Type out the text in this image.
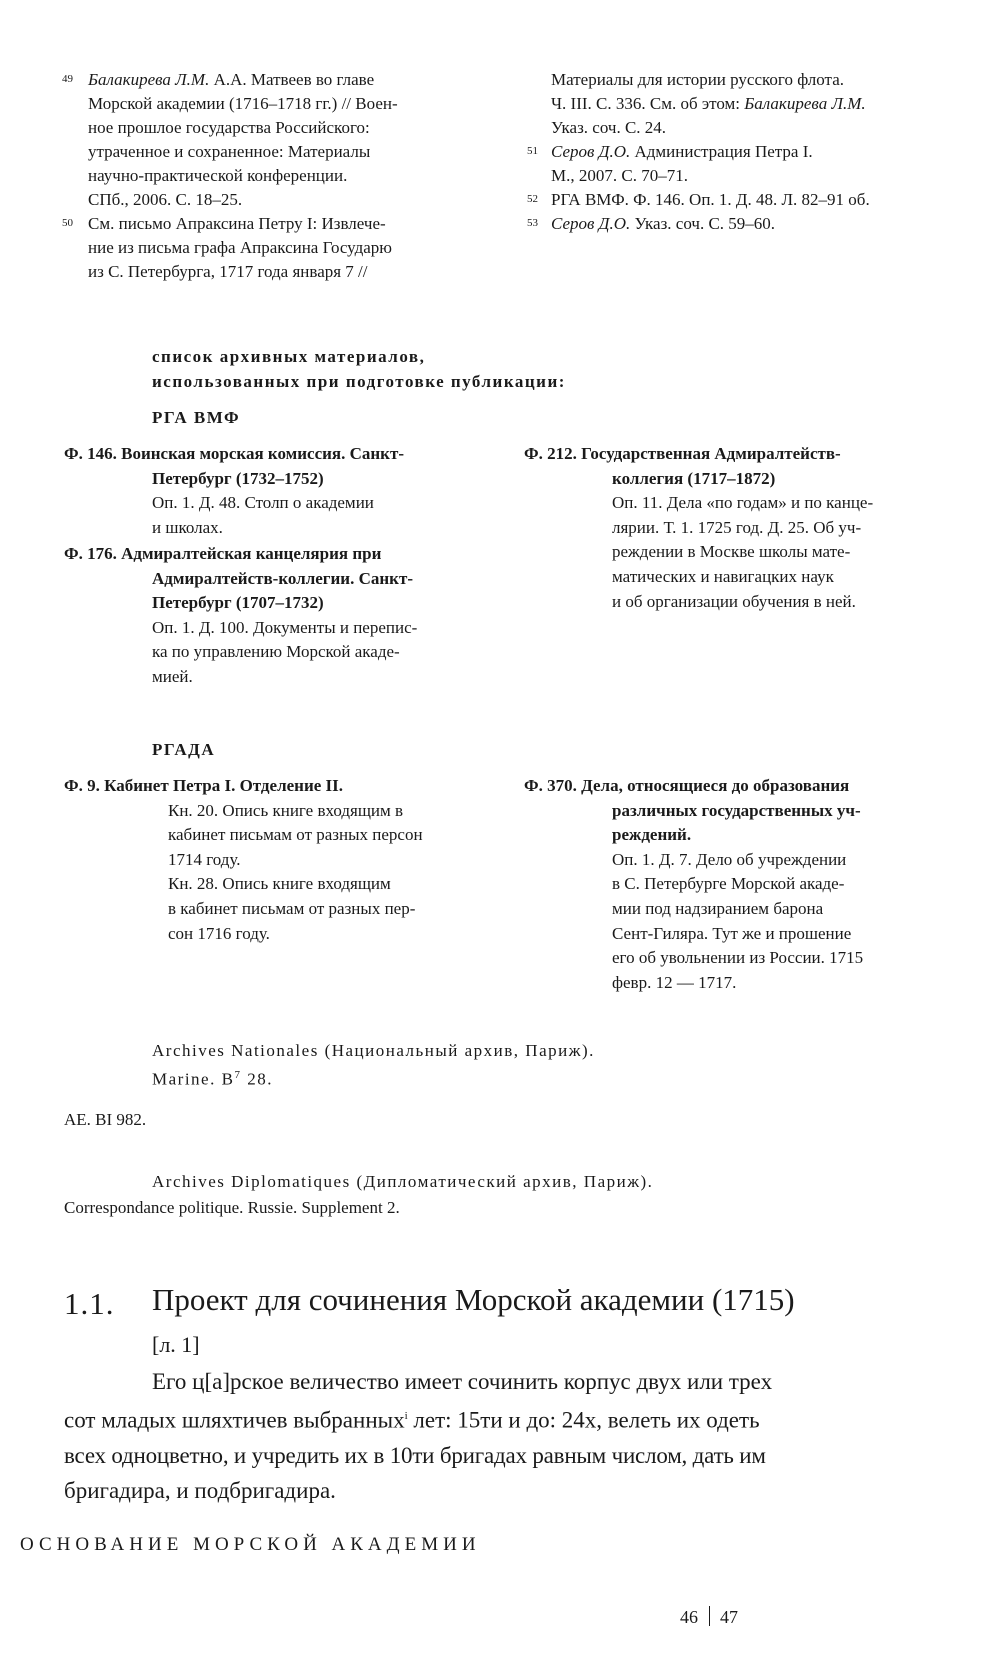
49 Балакирева Л.М. А.А. Матвеев во главе
Морской академии (1716–1718 гг.) // Воен-
ное прошлое государства Российского:
утраченное и сохраненное: Материалы
научно-практической конференции.
СПб., 2006. С. 18–25.
50 См. письмо Апраксина Петру I: Извлече-
ние из письма графа Апраксина Государю
из С. Петербурга, 1717 года января 7 //
Материалы для истории русского флота.
Ч. III. С. 336. См. об этом: Балакирева Л.М.
Указ. соч. С. 24.
51 Серов Д.О. Администрация Петра I.
М., 2007. С. 70–71.
52 РГА ВМФ. Ф. 146. Оп. 1. Д. 48. Л. 82–91 об.
53 Серов Д.О. Указ. соч. С. 59–60.
список архивных материалов,
использованных при подготовке публикации:
РГА ВМФ
Ф. 146. Воинская морская комиссия. Санкт-
Петербург (1732–1752)
Оп. 1. Д. 48. Столп о академии
и школах.
Ф. 176. Адмиралтейская канцелярия при
Адмиралтейств-коллегии. Санкт-
Петербург (1707–1732)
Оп. 1. Д. 100. Документы и перепис-
ка по управлению Морской акаде-
мией.
Ф. 212. Государственная Адмиралтейств-
коллегия (1717–1872)
Оп. 11. Дела «по годам» и по канце-
лярии. Т. 1. 1725 год. Д. 25. Об уч-
реждении в Москве школы мате-
матических и навигацких наук
и об организации обучения в ней.
РГАДА
Ф. 9. Кабинет Петра I. Отделение II.
Кн. 20. Опись книге входящим в
кабинет письмам от разных персон
1714 году.
Кн. 28. Опись книге входящим
в кабинет письмам от разных пер-
сон 1716 году.
Ф. 370. Дела, относящиеся до образования
различных государственных уч-
реждений.
Оп. 1. Д. 7. Дело об учреждении
в С. Петербурге Морской акаде-
мии под надзиранием барона
Сент-Гиляра. Тут же и прошение
его об увольнении из России. 1715
февр. 12 — 1717.
Archives Nationales (Национальный архив, Париж).
Marine. $B^7$ 28.
AE. BI 982.
Archives Diplomatiques (Дипломатический архив, Париж).
Correspondance politique. Russie. Supplement 2.
1.1. Проект для сочинения Морской академии (1715)
[л. 1]
Его ц[а]рское величество имеет сочинить корпус двух или трех
сот младых шляхтичев выбранных$^i$ лет: 15ти и до: 24х, велеть их одеть
всех одноцветно, и учредить их в 10ти бригадах равным числом, дать им
бригадира, и подбригадира.
ОСНОВАНИЕ МОРСКОЙ АКАДЕМИИ
46 47
